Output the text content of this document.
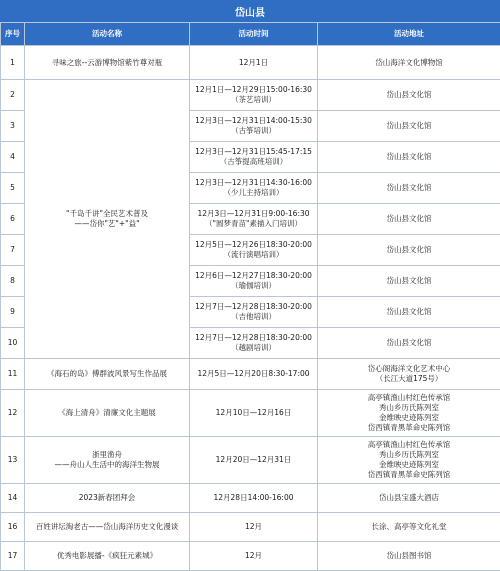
岱山县
序号	活动名称	活动时间	活动地址
1	寻味之旅--云游博物馆紫竹尊对瓶	12月1日	岱山海洋文化博物馆
2	"千岛千讲"全民艺术普及
——岱你"艺"+"益"	12月1日—12月29日15:00-16:30
（茶艺培训）	岱山县文化馆
3		12月3日—12月31日14:00-15:30
（古筝培训）	岱山县文化馆
4		12月3日—12月31日15:45-17:15
（古筝提高班培训）	岱山县文化馆
5		12月3日—12月31日14:30-16:00
（少儿主持培训）	岱山县文化馆
6		12月3日—12月31日9:00-16:30
（"圆梦青苗"素描入门培训）	岱山县文化馆
7		12月5日—12月26日18:30-20:00
（流行演唱培训）	岱山县文化馆
8		12月6日—12月27日18:30-20:00
（瑜伽培训）	岱山县文化馆
9		12月7日—12月28日18:30-20:00
（吉他培训）	岱山县文化馆
10		12月7日—12月28日18:30-20:00
（越剧培训）	岱山县文化馆
11	《海石的岛》傅群波风景写生作品展	12月5日—12月20日8:30-17:00	岱心阁海洋文化艺术中心
（长江大道175号）

12	《海上清舟》清廉文化主题展	12月10日—12月16日	高亭镇渔山村红色传承馆
秀山乡历氏陈列室
金维映史迹陈列室
岱西镇青黑革命史陈列馆

13	浙里渔舟
——舟山人生活中的海洋生物展	12月20日—12月31日	高亭镇渔山村红色传承馆
秀山乡历氏陈列室
金维映史迹陈列室
岱西镇青黑革命史陈列馆

14	2023新春团拜会	12月28日14:00-16:00	岱山县宝盛大酒店
16	百姓讲坛淘老古——岱山海洋历史文化漫谈	12月	长涂、高亭等文化礼堂
17	优秀电影展播-《疯狂元素城》	12月	岱山县图书馆
